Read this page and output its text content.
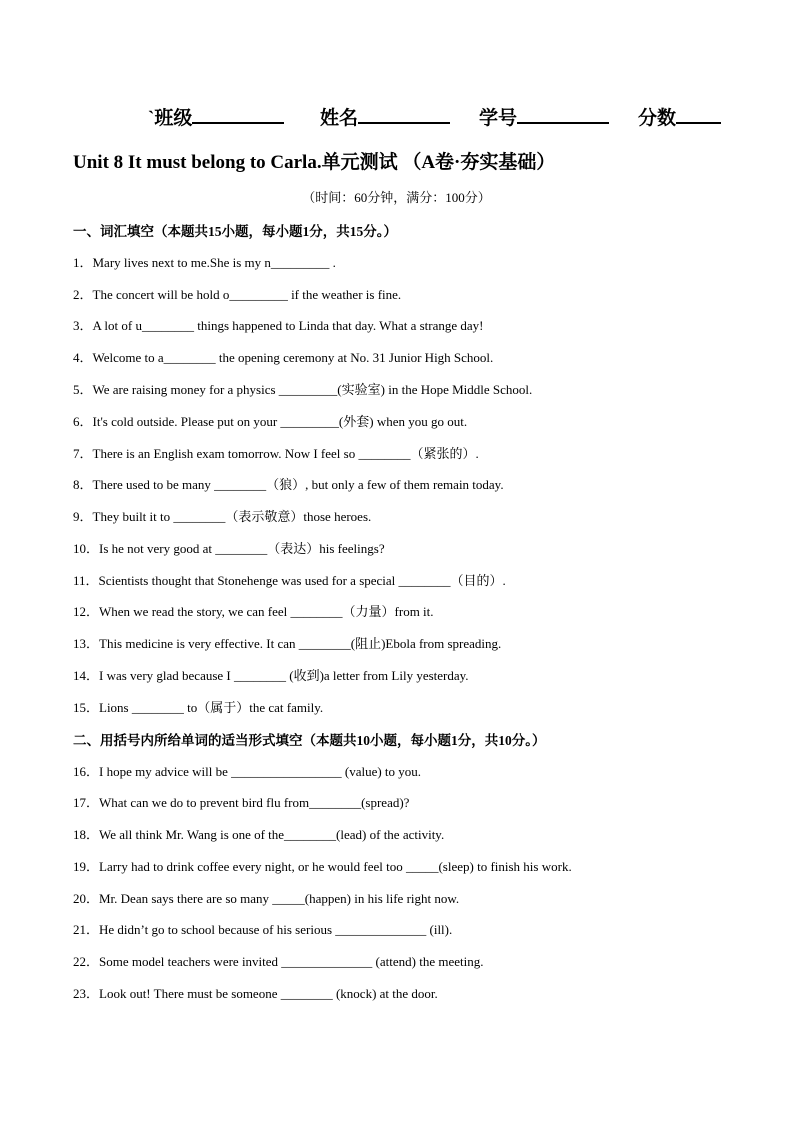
`班级	姓名	学号	分数
Unit 8 It must belong to Carla.单元测试 （A卷·夯实基础）
（时间：60分钟，满分：100分）
一、词汇填空（本题共15小题，每小题1分，共15分。）
1．Mary lives next to me.She is my n_________ .
2．The concert will be hold o_________ if the weather is fine.
3．A lot of u________ things happened to Linda that day. What a strange day!
4．Welcome to a________ the opening ceremony at No. 31 Junior High School.
5．We are raising money for a physics _________(实验室) in the Hope Middle School.
6．It's cold outside. Please put on your _________(外套) when you go out.
7．There is an English exam tomorrow. Now I feel so ________（紧张的）.
8．There used to be many ________（狼）, but only a few of them remain today.
9．They built it to ________（表示敬意）those heroes.
10．Is he not very good at ________（表达）his feelings?
11．Scientists thought that Stonehenge was used for a special ________（目的）.
12．When we read the story, we can feel ________（力量）from it.
13．This medicine is very effective. It can ________(阻止)Ebola from spreading.
14．I was very glad because I ________ (收到)a letter from Lily yesterday.
15．Lions ________ to（属于）the cat family.
二、用括号内所给单词的适当形式填空（本题共10小题，每小题1分，共10分。）
16．I hope my advice will be _________________ (value) to you.
17．What can we do to prevent bird flu from________(spread)?
18．We all think Mr. Wang is one of the________(lead) of the activity.
19．Larry had to drink coffee every night, or he would feel too _____(sleep) to finish his work.
20．Mr. Dean says there are so many _____(happen) in his life right now.
21．He didn’t go to school because of his serious ______________ (ill).
22．Some model teachers were invited ______________ (attend) the meeting.
23．Look out! There must be someone ________ (knock) at the door.
